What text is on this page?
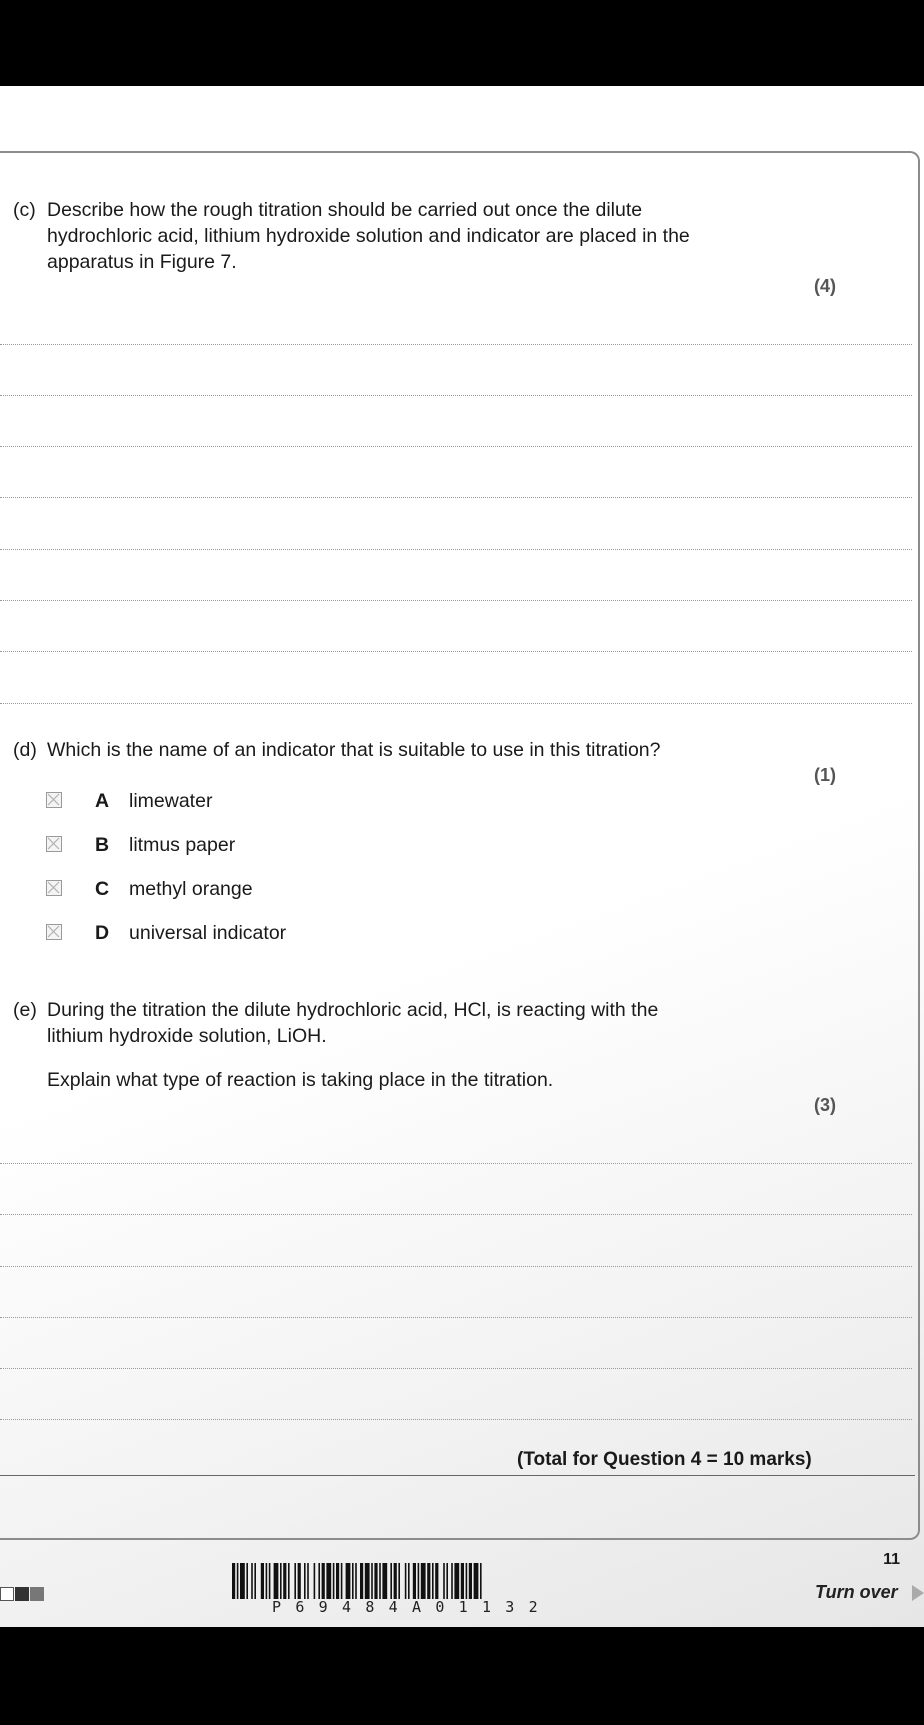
(c) Describe how the rough titration should be carried out once the dilute
hydrochloric acid, lithium hydroxide solution and indicator are placed in the
apparatus in Figure 7.
(4)
(d) Which is the name of an indicator that is suitable to use in this titration?
(1)
A limewater
B litmus paper
C methyl orange
D universal indicator
(e) During the titration the dilute hydrochloric acid, HCl, is reacting with the
lithium hydroxide solution, LiOH.
Explain what type of reaction is taking place in the titration.
(3)
(Total for Question 4 = 10 marks)
P69484A01132
11
Turn over
